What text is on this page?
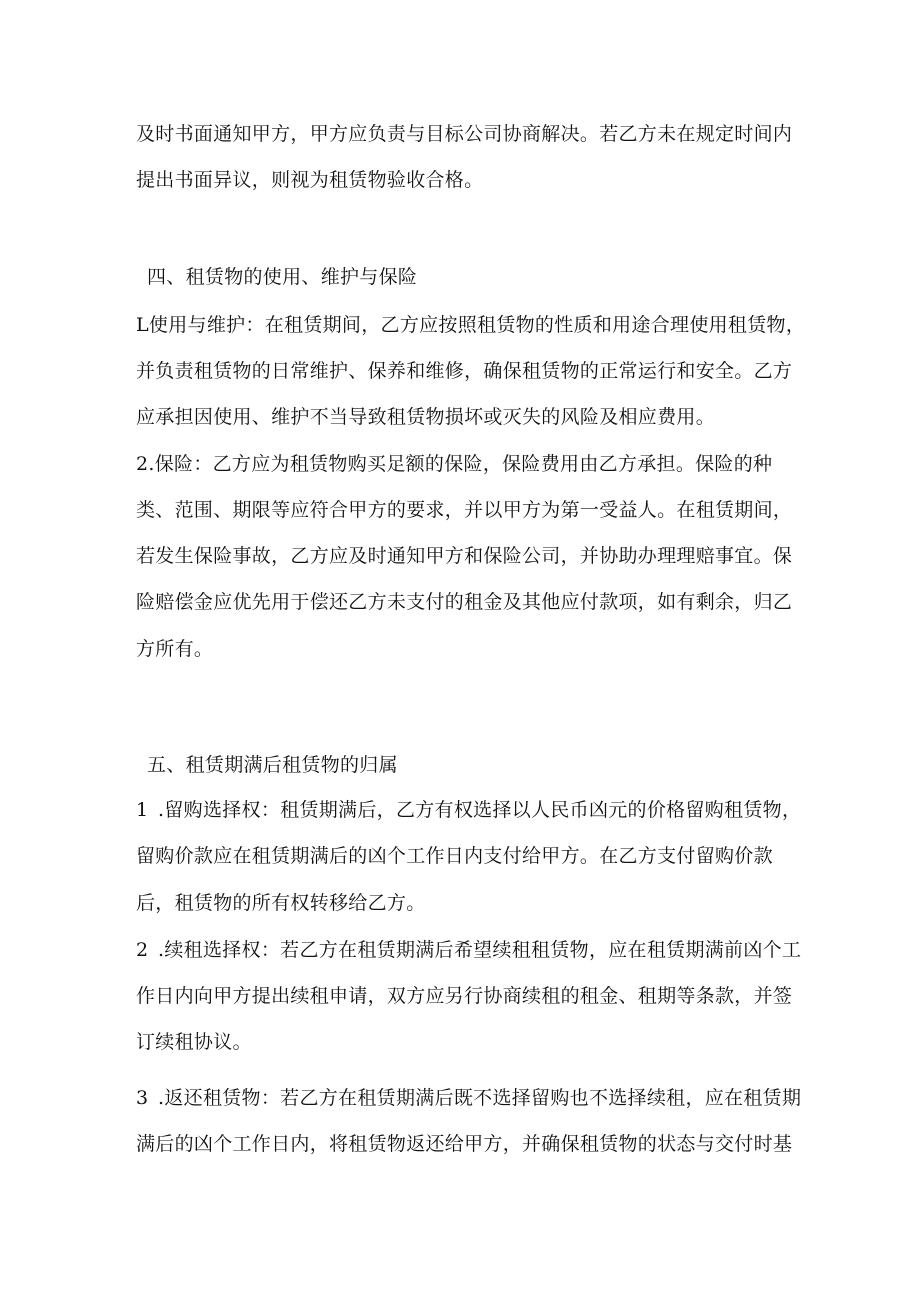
及时书面通知甲方，甲方应负责与目标公司协商解决。若乙方未在规定时间内
提出书面异议，则视为租赁物验收合格。
四、租赁物的使用、维护与保险
L使用与维护：在租赁期间，乙方应按照租赁物的性质和用途合理使用租赁物，
并负责租赁物的日常维护、保养和维修，确保租赁物的正常运行和安全。乙方
应承担因使用、维护不当导致租赁物损坏或灭失的风险及相应费用。
2.保险：乙方应为租赁物购买足额的保险，保险费用由乙方承担。保险的种
类、范围、期限等应符合甲方的要求，并以甲方为第一受益人。在租赁期间，
若发生保险事故，乙方应及时通知甲方和保险公司，并协助办理理赔事宜。保
险赔偿金应优先用于偿还乙方未支付的租金及其他应付款项，如有剩余，归乙
方所有。
五、租赁期满后租赁物的归属
1 .留购选择权：租赁期满后，乙方有权选择以人民币凶元的价格留购租赁物，
留购价款应在租赁期满后的凶个工作日内支付给甲方。在乙方支付留购价款
后，租赁物的所有权转移给乙方。
2 .续租选择权：若乙方在租赁期满后希望续租租赁物，应在租赁期满前凶个工
作日内向甲方提出续租申请，双方应另行协商续租的租金、租期等条款，并签
订续租协议。
3 .返还租赁物：若乙方在租赁期满后既不选择留购也不选择续租，应在租赁期
满后的凶个工作日内，将租赁物返还给甲方，并确保租赁物的状态与交付时基
